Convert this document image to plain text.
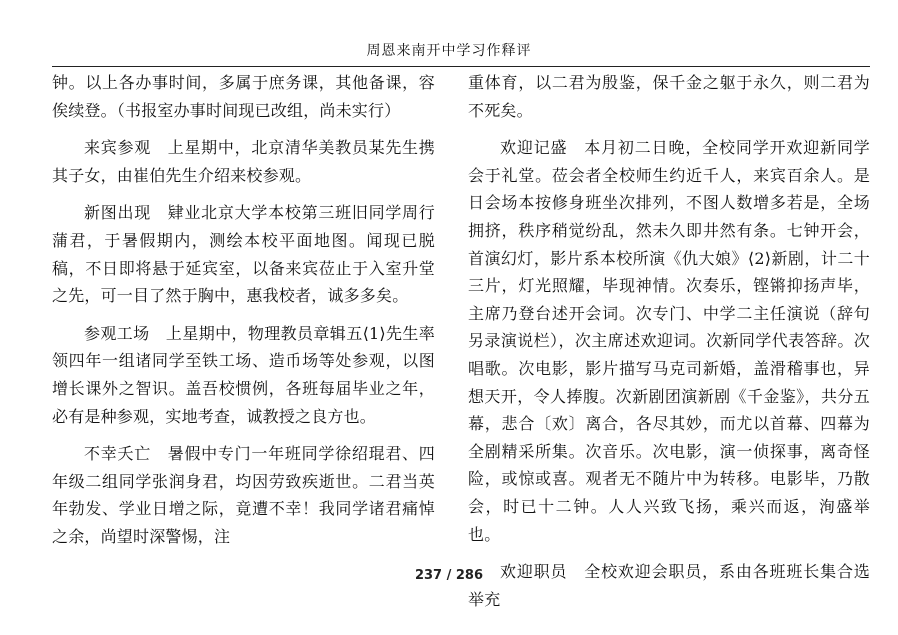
周恩来南开中学习作释评

钟。以上各办事时间，多属于庶务课，其他备课，容俟续登。（书报室办事时间现已改组，尚未实行）

来宾参观　上星期中，北京清华美教员某先生携其子女，由崔伯先生介绍来校参观。

新图出现　肄业北京大学本校第三班旧同学周行蒲君，于暑假期内，测绘本校平面地图。闻现已脱稿，不日即将悬于延宾室，以备来宾莅止于入室升堂之先，可一目了然于胸中，惠我校者，诚多多矣。

参观工场　上星期中，物理教员章辑五⟨1⟩先生率领四年一组诸同学至铁工场、造币场等处参观，以图增长课外之智识。盖吾校惯例，各班每届毕业之年，必有是种参观，实地考查，诚教授之良方也。

不幸夭亡　暑假中专门一年班同学徐绍琨君、四年级二组同学张润身君，均因劳致疾逝世。二君当英年勃发、学业日增之际，竟遭不幸！我同学诸君痛悼之余，尚望时深警惕，注

重体育，以二君为殷鉴，保千金之躯于永久，则二君为不死矣。

欢迎记盛　本月初二日晚，全校同学开欢迎新同学会于礼堂。莅会者全校师生约近千人，来宾百余人。是日会场本按修身班坐次排列，不图人数增多若是，全场拥挤，秩序稍觉纷乱，然未久即井然有条。七钟开会，首演幻灯，影片系本校所演《仇大娘》⟨2⟩新剧，计二十三片，灯光照耀，毕现神情。次奏乐，铿锵抑扬声毕，主席乃登台述开会词。次专门、中学二主任演说（辞句另录演说栏），次主席述欢迎词。次新同学代表答辞。次唱歌。次电影，影片描写马克司新婚，盖滑稽事也，异想天开，令人捧腹。次新剧团演新剧《千金鉴》，共分五幕，悲合〔欢〕离合，各尽其妙，而尤以首幕、四幕为全剧精采所集。次音乐。次电影，演一侦探事，离奇怪险，或惊或喜。观者无不随片中为转移。电影毕，乃散会，时已十二钟。人人兴致飞扬，乘兴而返，洵盛举也。

欢迎职员　全校欢迎会职员，系由各班班长集合选举充

237 / 286
